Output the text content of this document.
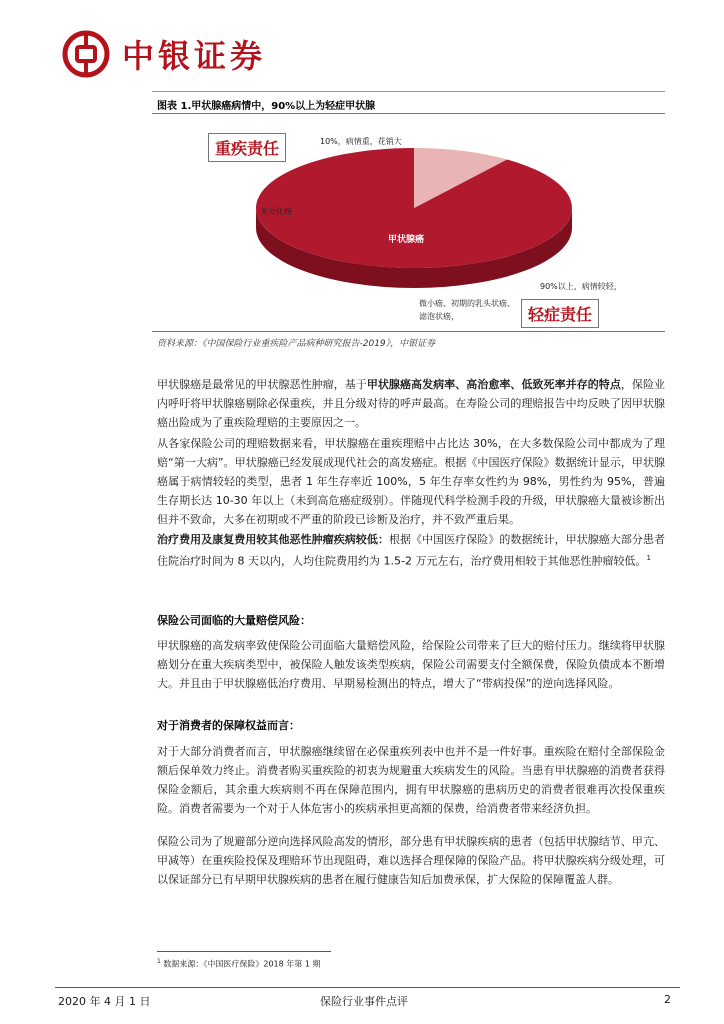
中银证券
图表 1.甲状腺癌病情中，90%以上为轻症甲状腺
未分化癌
甲状腺癌
重疾责任	10%，病情重，花销大
90%以上，病情较轻，
微小癌、初期的乳头状癌、滤泡状癌，	轻症责任
资料来源：《中国保险行业重疾险产品病种研究报告-2019》，中银证券

甲状腺癌是最常见的甲状腺恶性肿瘤，基于甲状腺癌高发病率、高治愈率、低致死率并存的特点，保险业内呼吁将甲状腺癌剔除必保重疾，并且分级对待的呼声最高。在寿险公司的理赔报告中均反映了因甲状腺癌出险成为了重疾险理赔的主要原因之一。

从各家保险公司的理赔数据来看，甲状腺癌在重疾理赔中占比达 30%，在大多数保险公司中都成为了理赔“第一大病”。甲状腺癌已经发展成现代社会的高发癌症。根据《中国医疗保险》数据统计显示，甲状腺癌属于病情较轻的类型，患者 1 年生存率近 100%，5 年生存率女性约为 98%，男性约为 95%，普遍生存期长达 10-30 年以上（未到高危癌症级别）。伴随现代科学检测手段的升级，甲状腺癌大量被诊断出但并不致命，大多在初期或不严重的阶段已诊断及治疗，并不致严重后果。

治疗费用及康复费用较其他恶性肿瘤疾病较低：根据《中国医疗保险》的数据统计，甲状腺癌大部分患者住院治疗时间为 8 天以内，人均住院费用约为 1.5-2 万元左右，治疗费用相较于其他恶性肿瘤较低。$^1$

保险公司面临的大量赔偿风险：

甲状腺癌的高发病率致使保险公司面临大量赔偿风险，给保险公司带来了巨大的赔付压力。继续将甲状腺癌划分在重大疾病类型中，被保险人触发该类型疾病，保险公司需要支付全额保费，保险负债成本不断增大。并且由于甲状腺癌低治疗费用、早期易检测出的特点，增大了“带病投保”的逆向选择风险。

对于消费者的保障权益而言：

对于大部分消费者而言，甲状腺癌继续留在必保重疾列表中也并不是一件好事。重疾险在赔付全部保险金额后保单效力终止。消费者购买重疾险的初衷为规避重大疾病发生的风险。当患有甲状腺癌的消费者获得保险金额后，其余重大疾病则不再在保障范围内，拥有甲状腺癌的患病历史的消费者很难再次投保重疾险。消费者需要为一个对于人体危害小的疾病承担更高额的保费，给消费者带来经济负担。

保险公司为了规避部分逆向选择风险高发的情形，部分患有甲状腺疾病的患者（包括甲状腺结节、甲亢、甲减等）在重疾险投保及理赔环节出现阻碍，难以选择合理保障的保险产品。将甲状腺疾病分级处理，可以保证部分已有早期甲状腺疾病的患者在履行健康告知后加费承保，扩大保险的保障覆盖人群。

$^1$ 数据来源：《中国医疗保险》2018 年第 1 期
2020 年 4 月 1 日	保险行业事件点评	2
